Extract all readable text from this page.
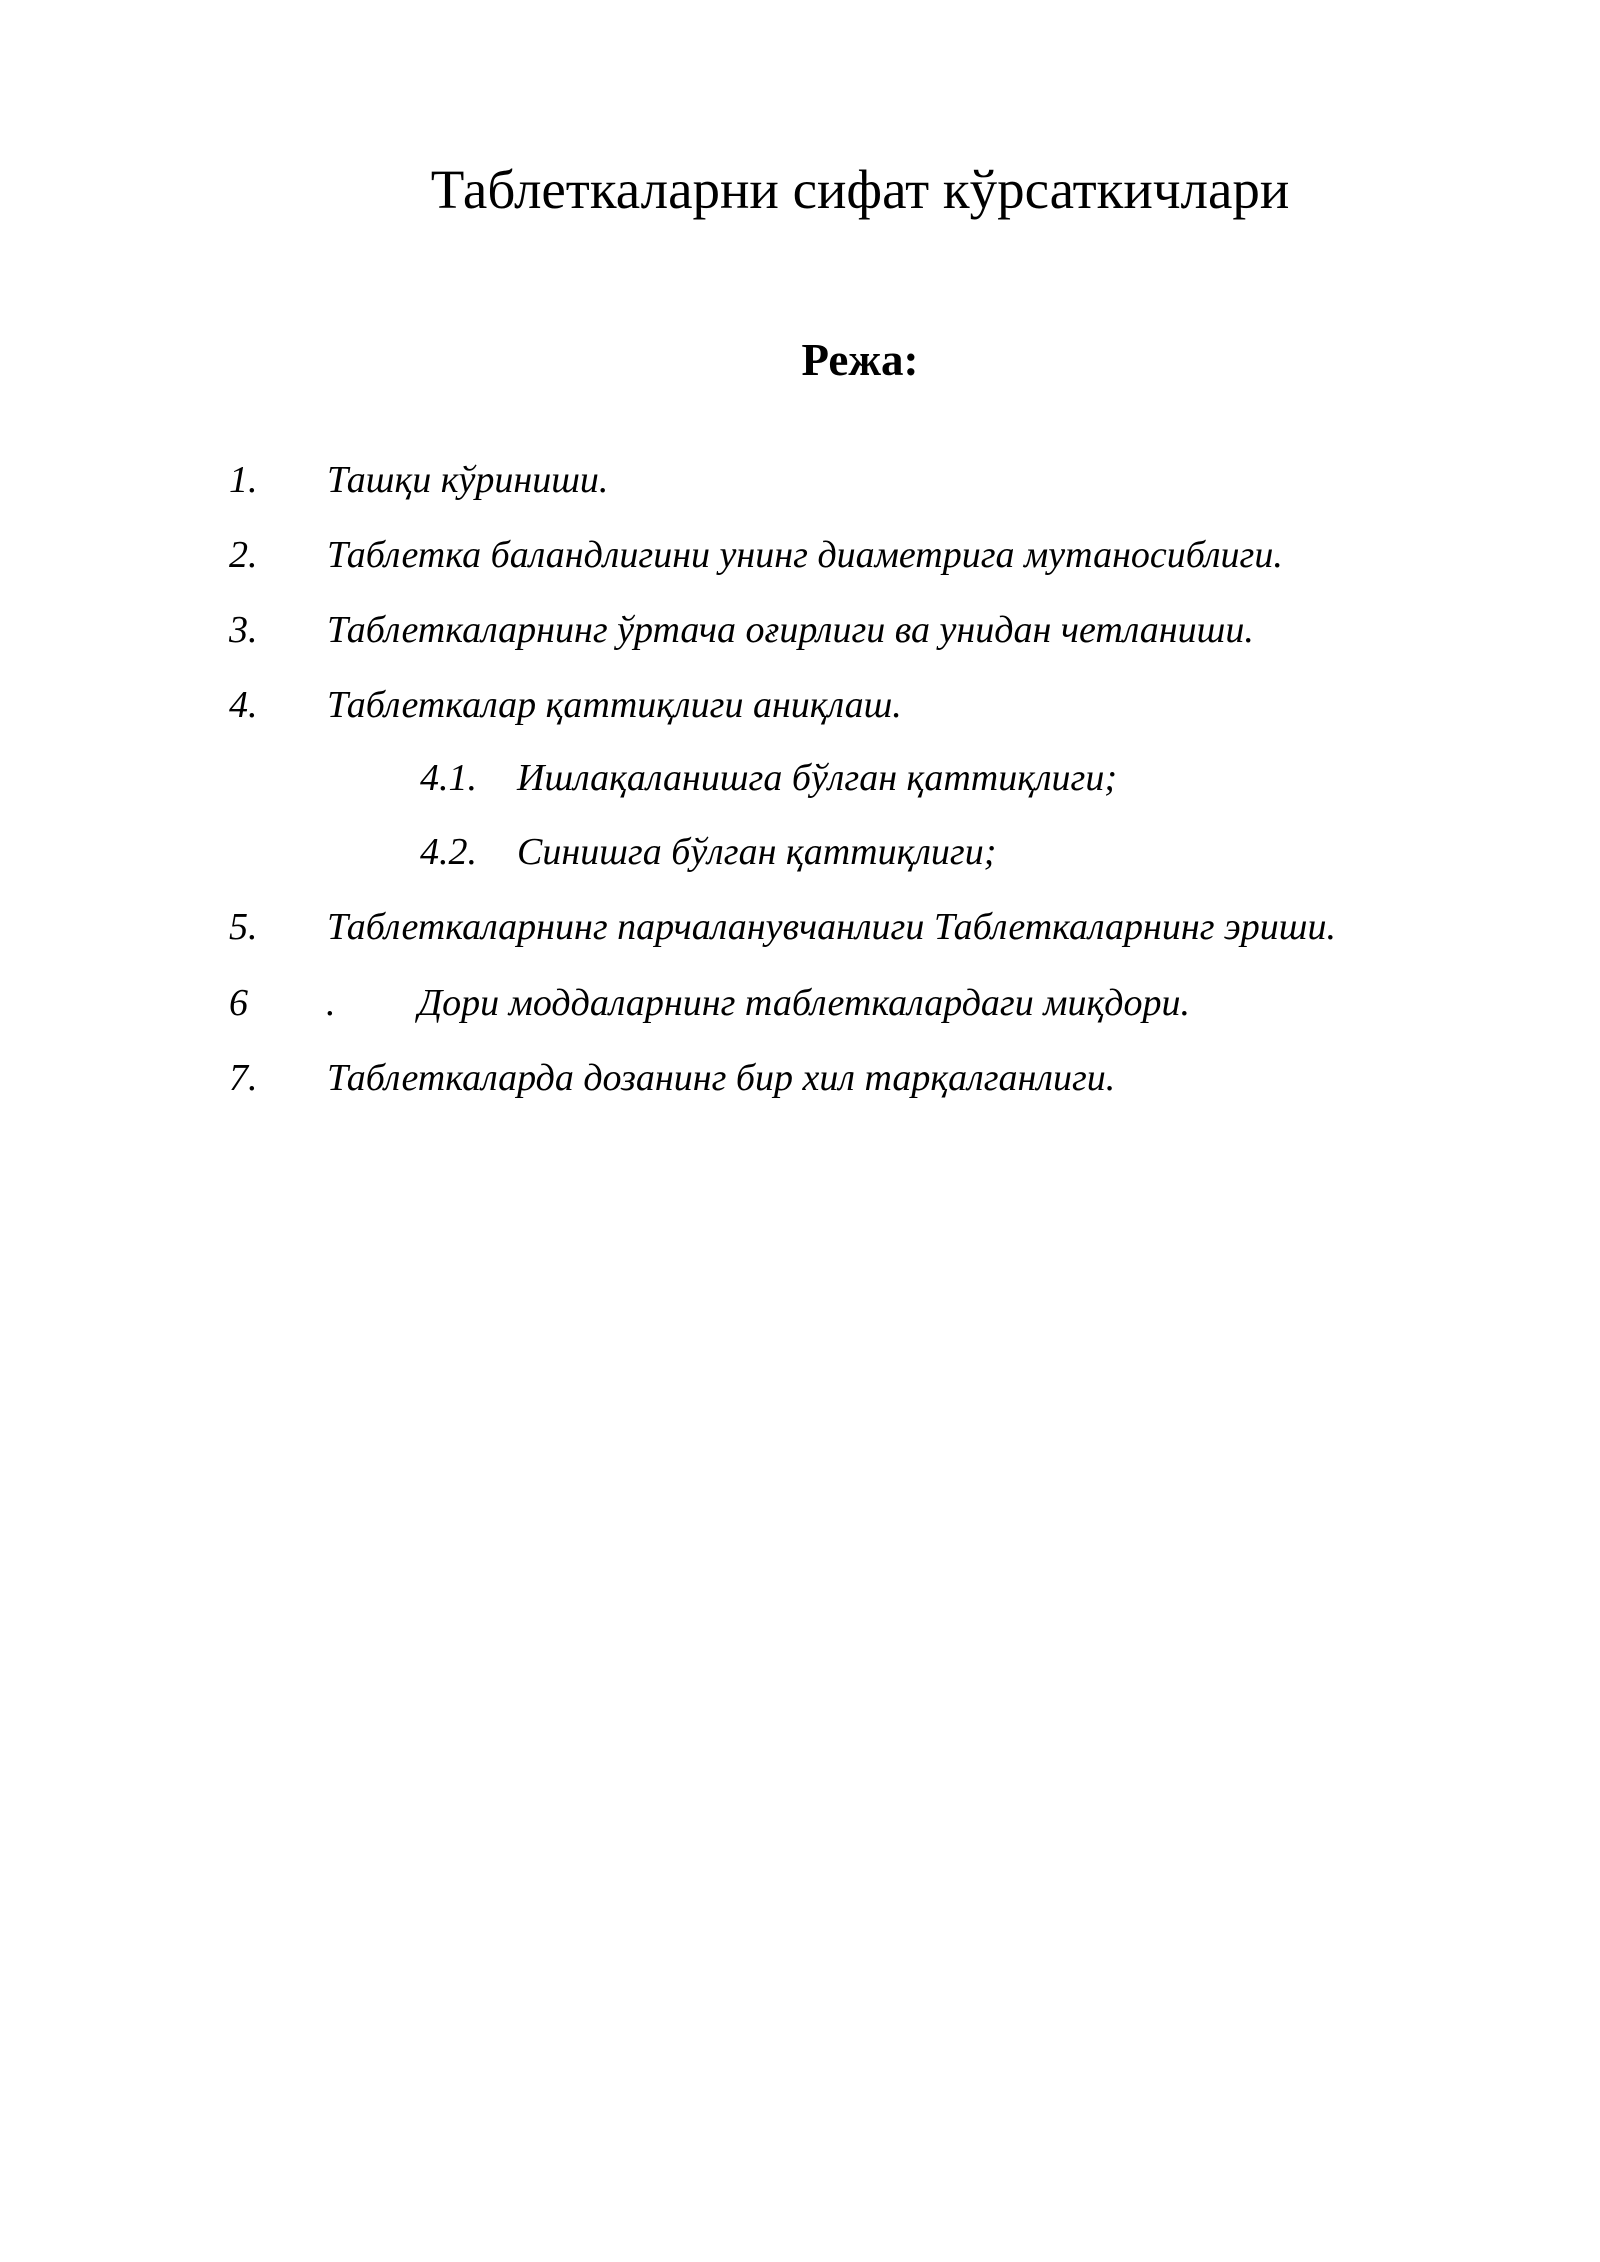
Таблеткаларни сифат кўрсаткичлари
Режа:
1. Ташқи кўриниши.
2. Таблетка баландлигини унинг диаметрига мутаносиблиги.
3. Таблеткаларнинг ўртача оғирлиги ва унидан четланиши.
4. Таблеткалар қаттиқлиги аниқлаш.
4.1. Ишлақаланишга бўлган қаттиқлиги;
4.2. Синишга бўлган қаттиқлиги;
5. Таблеткаларнинг парчаланувчанлиги Таблеткаларнинг эриши.
6 . Дори моддаларнинг таблеткалардаги миқдори.
7. Таблеткаларда дозанинг бир хил тарқалганлиги.
